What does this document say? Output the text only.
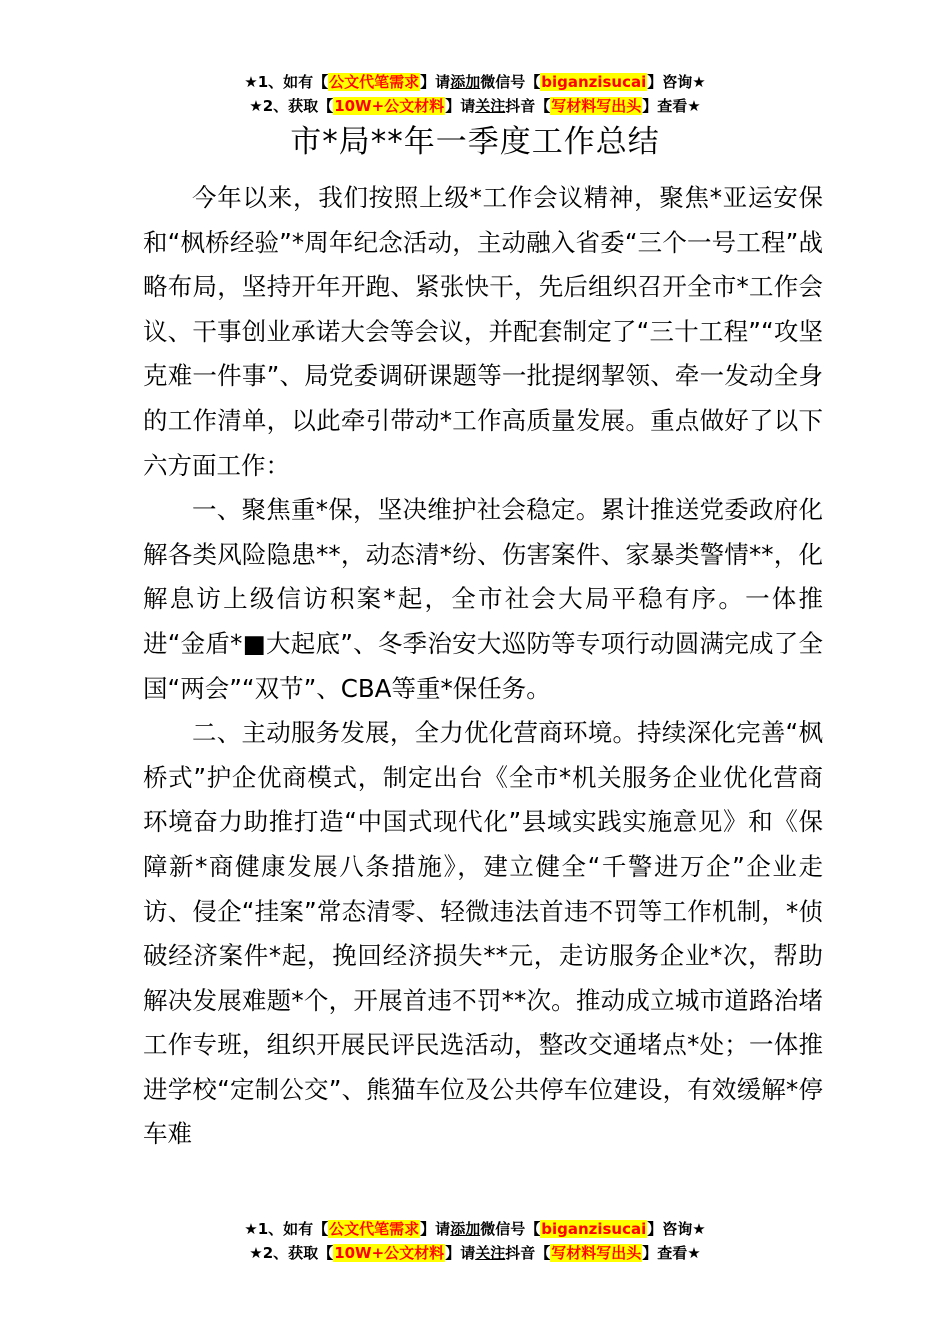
★1、如有【公文代笔需求】请添加微信号【biganzisucai】咨询★
★2、获取【10W+公文材料】请关注抖音【写材料写出头】查看★
市*局**年一季度工作总结

今年以来，我们按照上级*工作会议精神，聚焦*亚运安保和“枫桥经验”*周年纪念活动，主动融入省委“三个一号工程”战略布局，坚持开年开跑、紧张快干，先后组织召开全市*工作会议、干事创业承诺大会等会议，并配套制定了“三十工程”“攻坚克难一件事”、局党委调研课题等一批提纲挈领、牵一发动全身的工作清单，以此牵引带动*工作高质量发展。重点做好了以下六方面工作：

一、聚焦重*保，坚决维护社会稳定。累计推送党委政府化解各类风险隐患**，动态清*纷、伤害案件、家暴类警情**，化解息访上级信访积案*起，全市社会大局平稳有序。一体推进“金盾*■大起底”、冬季治安大巡防等专项行动圆满完成了全国“两会”“双节”、CBA等重*保任务。

二、主动服务发展，全力优化营商环境。持续深化完善“枫桥式”护企优商模式，制定出台《全市*机关服务企业优化营商环境奋力助推打造“中国式现代化”县域实践实施意见》和《保障新*商健康发展八条措施》，建立健全“千警进万企”企业走访、侵企“挂案”常态清零、轻微违法首违不罚等工作机制，*侦破经济案件*起，挽回经济损失**元，走访服务企业*次，帮助解决发展难题*个，开展首违不罚**次。推动成立城市道路治堵工作专班，组织开展民评民选活动，整改交通堵点*处；一体推进学校“定制公交”、熊猫车位及公共停车位建设，有效缓解*停车难

★1、如有【公文代笔需求】请添加微信号【biganzisucai】咨询★
★2、获取【10W+公文材料】请关注抖音【写材料写出头】查看★
